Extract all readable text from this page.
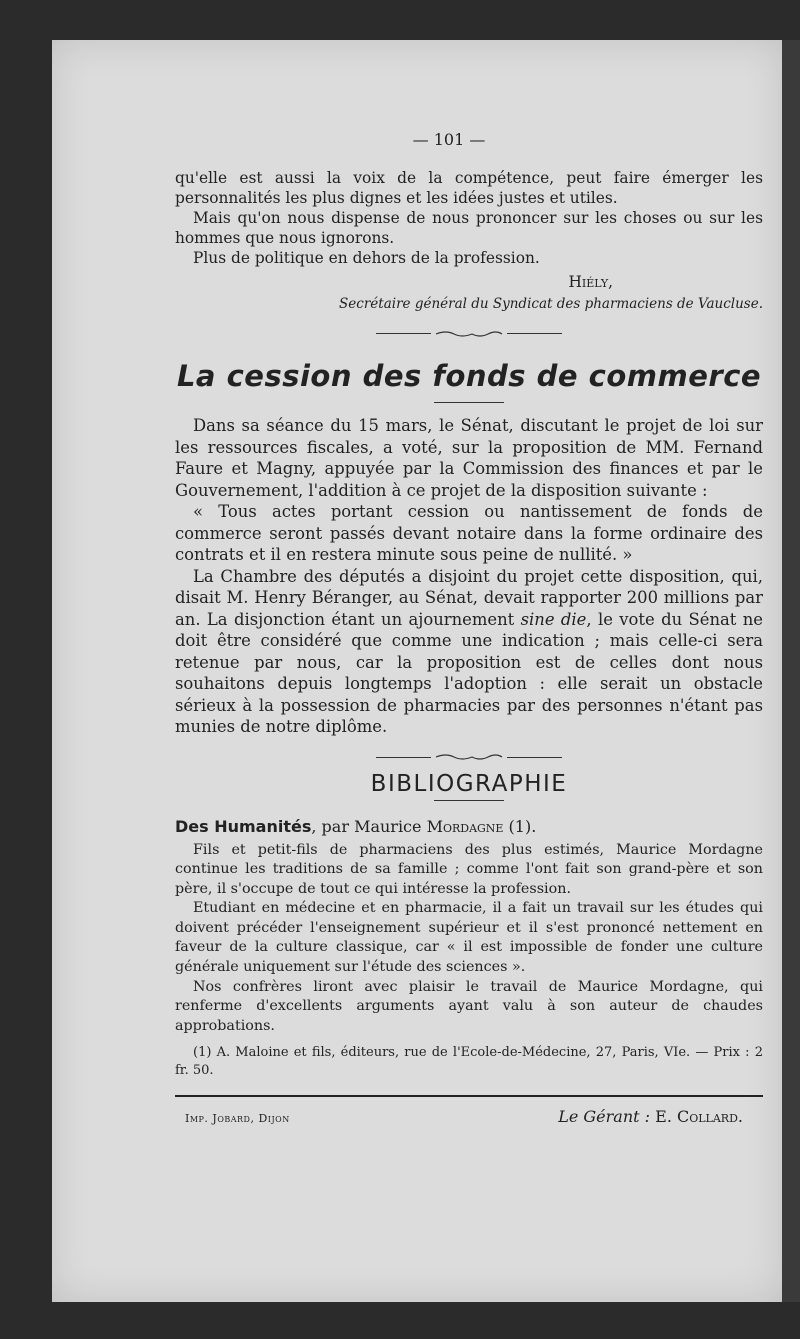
— 101 —

qu'elle est aussi la voix de la compétence, peut faire émerger les personnalités les plus dignes et les idées justes et utiles.

Mais qu'on nous dispense de nous prononcer sur les choses ou sur les hommes que nous ignorons.

Plus de politique en dehors de la profession.

Hiély,
Secrétaire général du Syndicat des pharmaciens de Vaucluse.

La cession des fonds de commerce

Dans sa séance du 15 mars, le Sénat, discutant le projet de loi sur les ressources fiscales, a voté, sur la proposition de MM. Fernand Faure et Magny, appuyée par la Commission des finances et par le Gouvernement, l'addition à ce projet de la disposition suivante :

« Tous actes portant cession ou nantissement de fonds de commerce seront passés devant notaire dans la forme ordinaire des contrats et il en restera minute sous peine de nullité. »

La Chambre des députés a disjoint du projet cette disposition, qui, disait M. Henry Béranger, au Sénat, devait rapporter 200 millions par an. La disjonction étant un ajournement sine die, le vote du Sénat ne doit être considéré que comme une indication ; mais celle-ci sera retenue par nous, car la proposition est de celles dont nous souhaitons depuis longtemps l'adoption : elle serait un obstacle sérieux à la possession de pharmacies par des personnes n'étant pas munies de notre diplôme.

BIBLIOGRAPHIE
Des Humanités, par Maurice Mordagne (1).

Fils et petit-fils de pharmaciens des plus estimés, Maurice Mordagne continue les traditions de sa famille ; comme l'ont fait son grand-père et son père, il s'occupe de tout ce qui intéresse la profession.

Etudiant en médecine et en pharmacie, il a fait un travail sur les études qui doivent précéder l'enseignement supérieur et il s'est prononcé nettement en faveur de la culture classique, car « il est impossible de fonder une culture générale uniquement sur l'étude des sciences ».

Nos confrères liront avec plaisir le travail de Maurice Mordagne, qui renferme d'excellents arguments ayant valu à son auteur de chaudes approbations.

(1) A. Maloine et fils, éditeurs, rue de l'Ecole-de-Médecine, 27, Paris, VIe. — Prix : 2 fr. 50.

Imp. Jobard, Dijon	Le Gérant : E. Collard.
